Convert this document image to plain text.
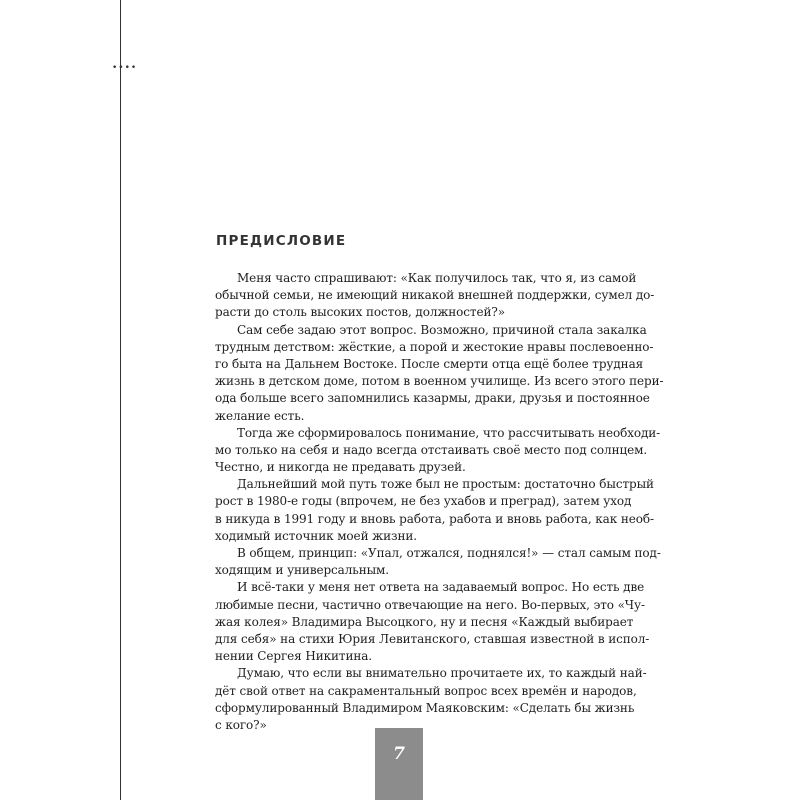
••••
ПРЕДИСЛОВИЕ
Меня часто спрашивают: «Как получилось так, что я, из самой
обычной семьи, не имеющий никакой внешней поддержки, сумел до-
расти до столь высоких постов, должностей?»
Сам себе задаю этот вопрос. Возможно, причиной стала закалка
трудным детством: жёсткие, а порой и жестокие нравы послевоенно-
го быта на Дальнем Востоке. После смерти отца ещё более трудная
жизнь в детском доме, потом в военном училище. Из всего этого пери-
ода больше всего запомнились казармы, драки, друзья и постоянное
желание есть.
Тогда же сформировалось понимание, что рассчитывать необходи-
мо только на себя и надо всегда отстаивать своё место под солнцем.
Честно, и никогда не предавать друзей.
Дальнейший мой путь тоже был не простым: достаточно быстрый
рост в 1980-е годы (впрочем, не без ухабов и преград), затем уход
в никуда в 1991 году и вновь работа, работа и вновь работа, как необ-
ходимый источник моей жизни.
В общем, принцип: «Упал, отжался, поднялся!» — стал самым под-
ходящим и универсальным.
И всё-таки у меня нет ответа на задаваемый вопрос. Но есть две
любимые песни, частично отвечающие на него. Во-первых, это «Чу-
жая колея» Владимира Высоцкого, ну и песня «Каждый выбирает
для себя» на стихи Юрия Левитанского, ставшая известной в испол-
нении Сергея Никитина.
Думаю, что если вы внимательно прочитаете их, то каждый най-
дёт свой ответ на сакраментальный вопрос всех времён и народов,
сформулированный Владимиром Маяковским: «Сделать бы жизнь
с кого?»
7
